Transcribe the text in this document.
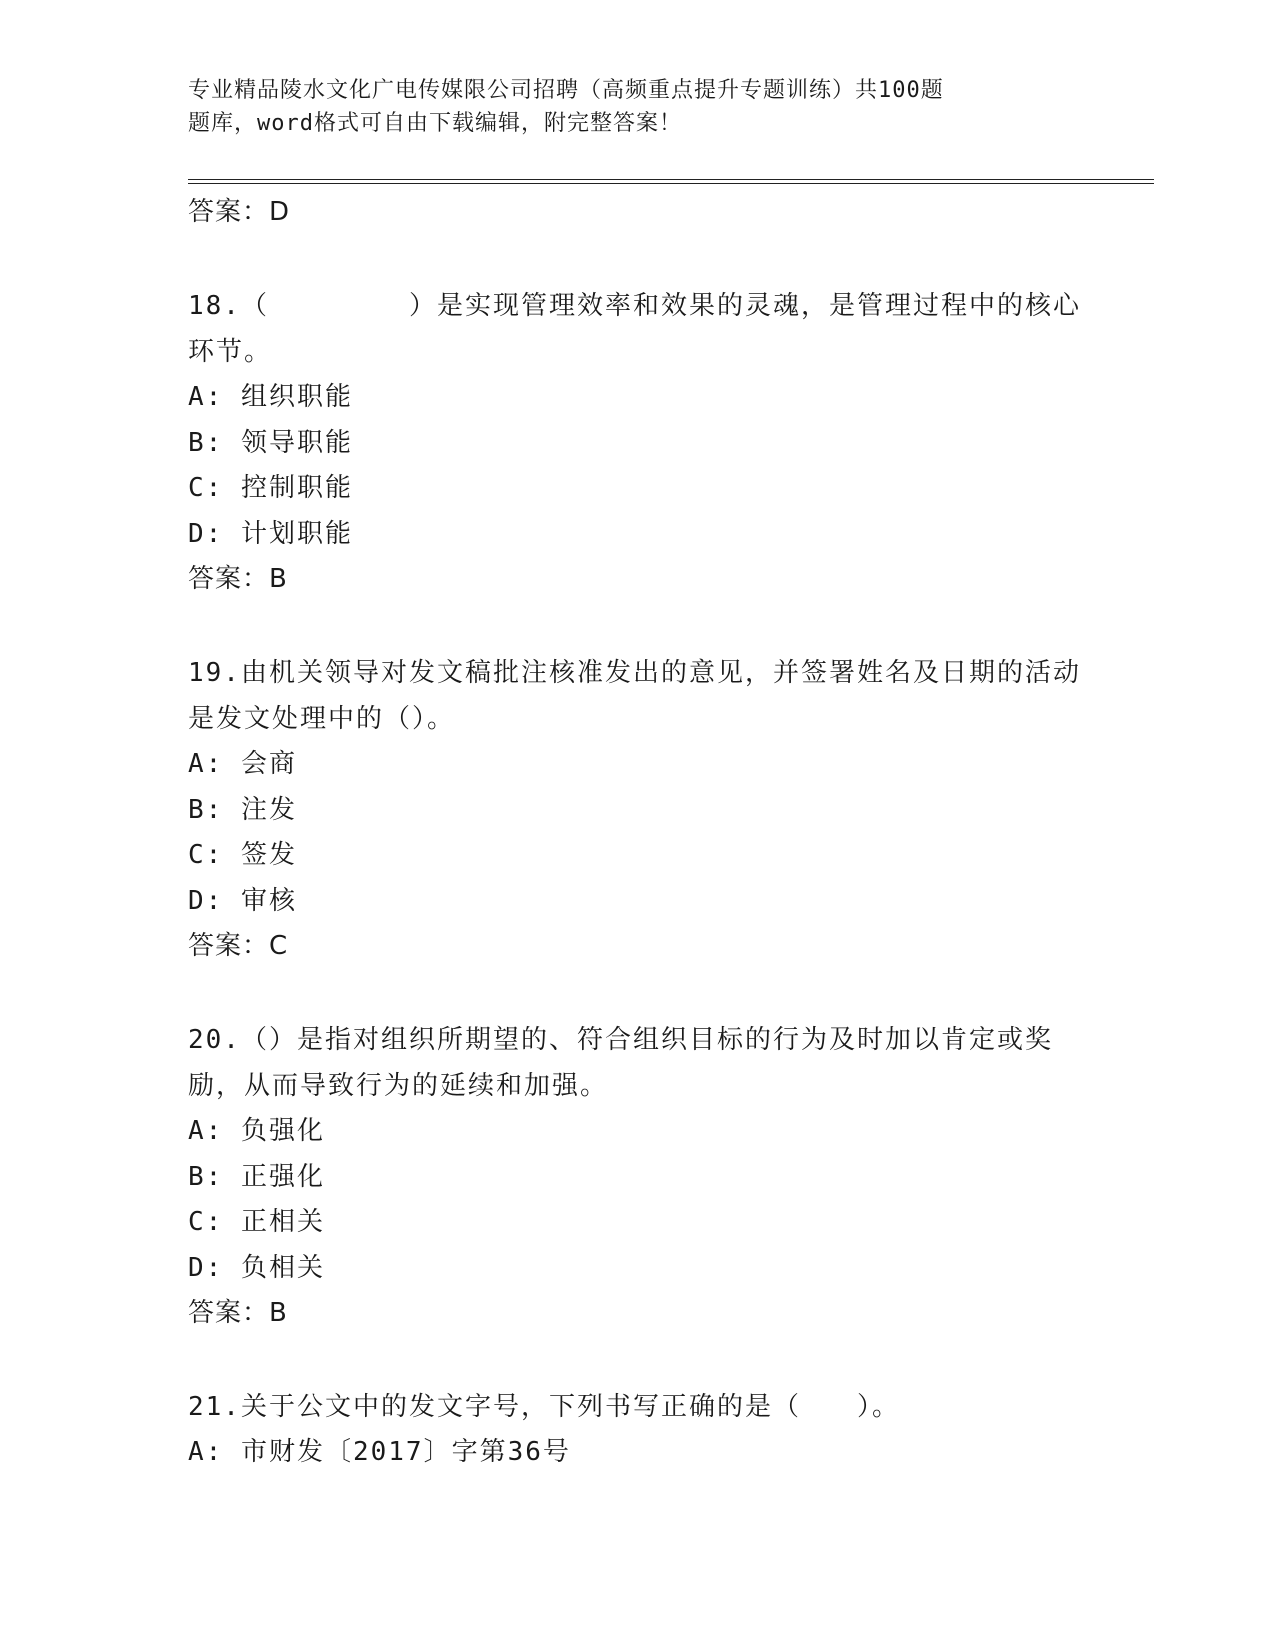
专业精品陵水文化广电传媒限公司招聘（高频重点提升专题训练）共100题
题库，word格式可自由下载编辑，附完整答案！
答案：D
18.（　　　　　）是实现管理效率和效果的灵魂，是管理过程中的核心环节。
A: 组织职能
B: 领导职能
C: 控制职能
D: 计划职能
答案：B
19.由机关领导对发文稿批注核准发出的意见，并签署姓名及日期的活动是发文处理中的（）。
A: 会商
B: 注发
C: 签发
D: 审核
答案：C
20.（）是指对组织所期望的、符合组织目标的行为及时加以肯定或奖励，从而导致行为的延续和加强。
A: 负强化
B: 正强化
C: 正相关
D: 负相关
答案：B
21.关于公文中的发文字号，下列书写正确的是（　　）。
A: 市财发〔2017〕字第36号
